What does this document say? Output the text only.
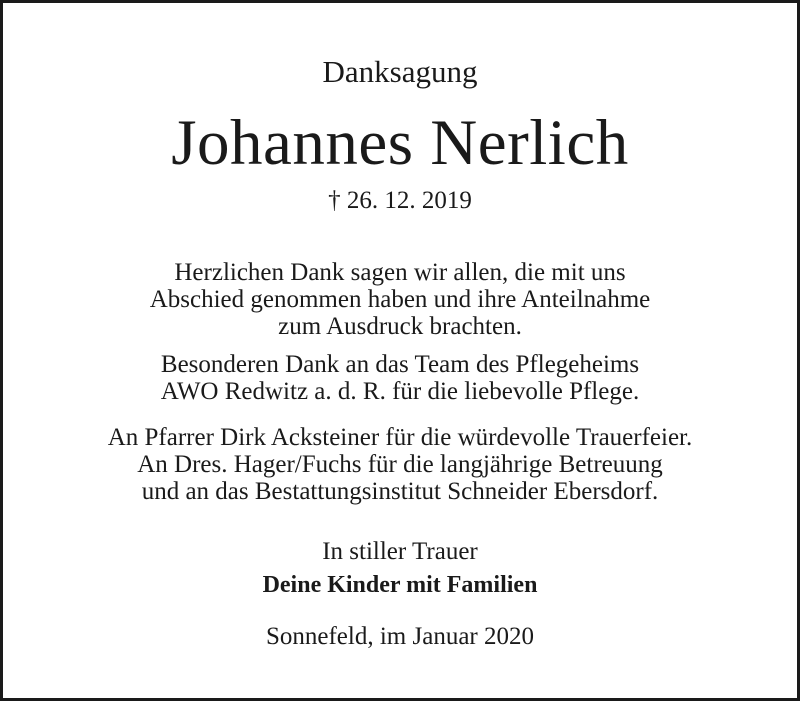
Danksagung
Johannes Nerlich
† 26. 12. 2019
Herzlichen Dank sagen wir allen, die mit uns
Abschied genommen haben und ihre Anteilnahme
zum Ausdruck brachten.
Besonderen Dank an das Team des Pflegeheims
AWO Redwitz a. d. R. für die liebevolle Pflege.
An Pfarrer Dirk Acksteiner für die würdevolle Trauerfeier.
An Dres. Hager/Fuchs für die langjährige Betreuung
und an das Bestattungsinstitut Schneider Ebersdorf.
In stiller Trauer
Deine Kinder mit Familien
Sonnefeld, im Januar 2020
